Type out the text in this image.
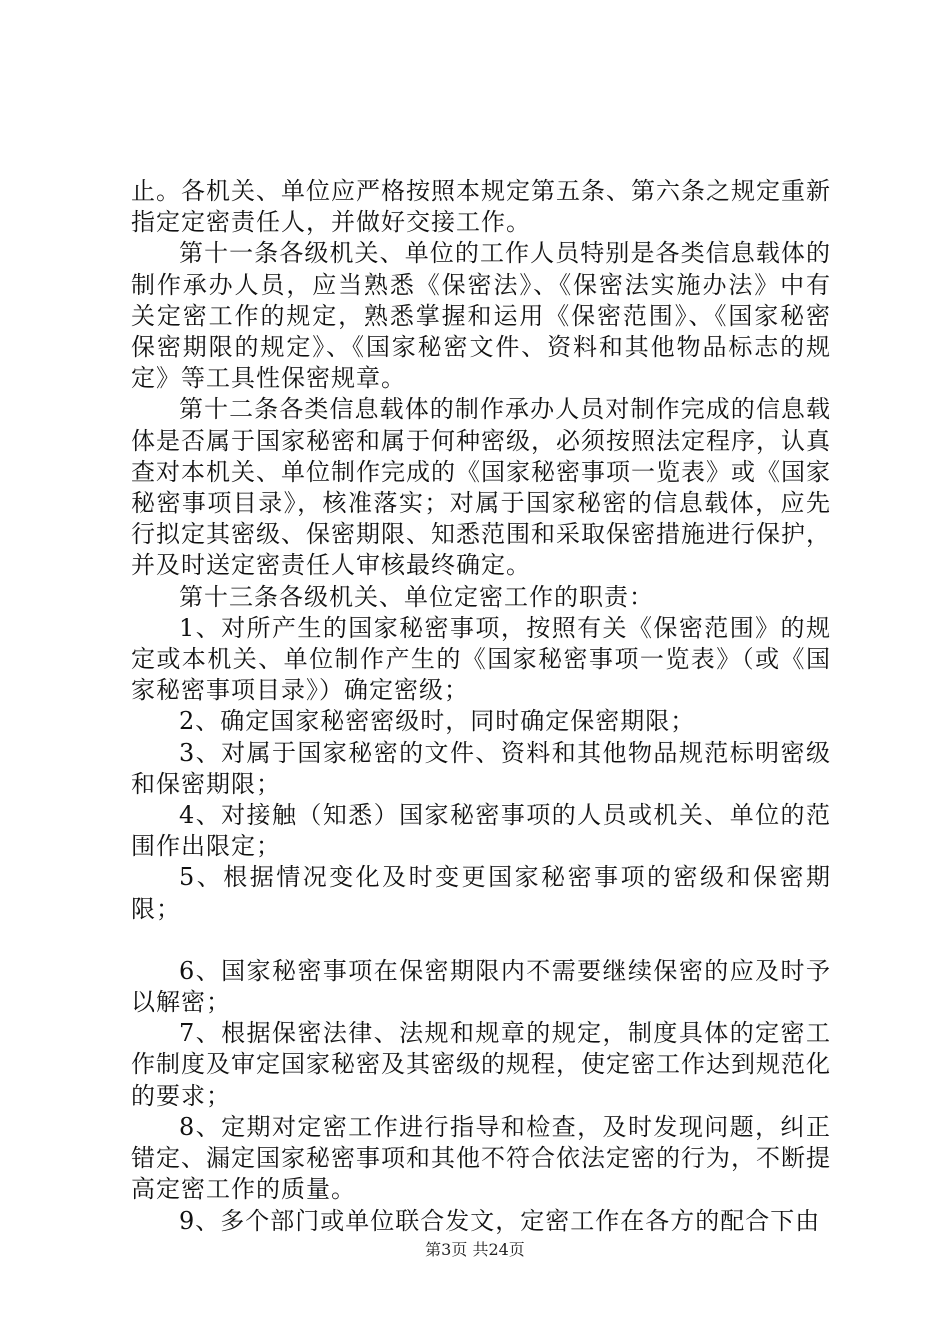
止。各机关、单位应严格按照本规定第五条、第六条之规定重新指定定密责任人，并做好交接工作。

第十一条各级机关、单位的工作人员特别是各类信息载体的制作承办人员，应当熟悉《保密法》、《保密法实施办法》中有关定密工作的规定，熟悉掌握和运用《保密范围》、《国家秘密保密期限的规定》、《国家秘密文件、资料和其他物品标志的规定》等工具性保密规章。

第十二条各类信息载体的制作承办人员对制作完成的信息载体是否属于国家秘密和属于何种密级，必须按照法定程序，认真查对本机关、单位制作完成的《国家秘密事项一览表》或《国家秘密事项目录》，核准落实；对属于国家秘密的信息载体，应先行拟定其密级、保密期限、知悉范围和采取保密措施进行保护，并及时送定密责任人审核最终确定。

第十三条各级机关、单位定密工作的职责：

1、对所产生的国家秘密事项，按照有关《保密范围》的规定或本机关、单位制作产生的《国家秘密事项一览表》（或《国家秘密事项目录》）确定密级；

2、确定国家秘密密级时，同时确定保密期限；

3、对属于国家秘密的文件、资料和其他物品规范标明密级和保密期限；

4、对接触（知悉）国家秘密事项的人员或机关、单位的范围作出限定；

5、根据情况变化及时变更国家秘密事项的密级和保密期限；

6、国家秘密事项在保密期限内不需要继续保密的应及时予以解密；

7、根据保密法律、法规和规章的规定，制度具体的定密工作制度及审定国家秘密及其密级的规程，使定密工作达到规范化的要求；

8、定期对定密工作进行指导和检查，及时发现问题，纠正错定、漏定国家秘密事项和其他不符合依法定密的行为，不断提高定密工作的质量。

9、多个部门或单位联合发文，定密工作在各方的配合下由

第3页 共24页
